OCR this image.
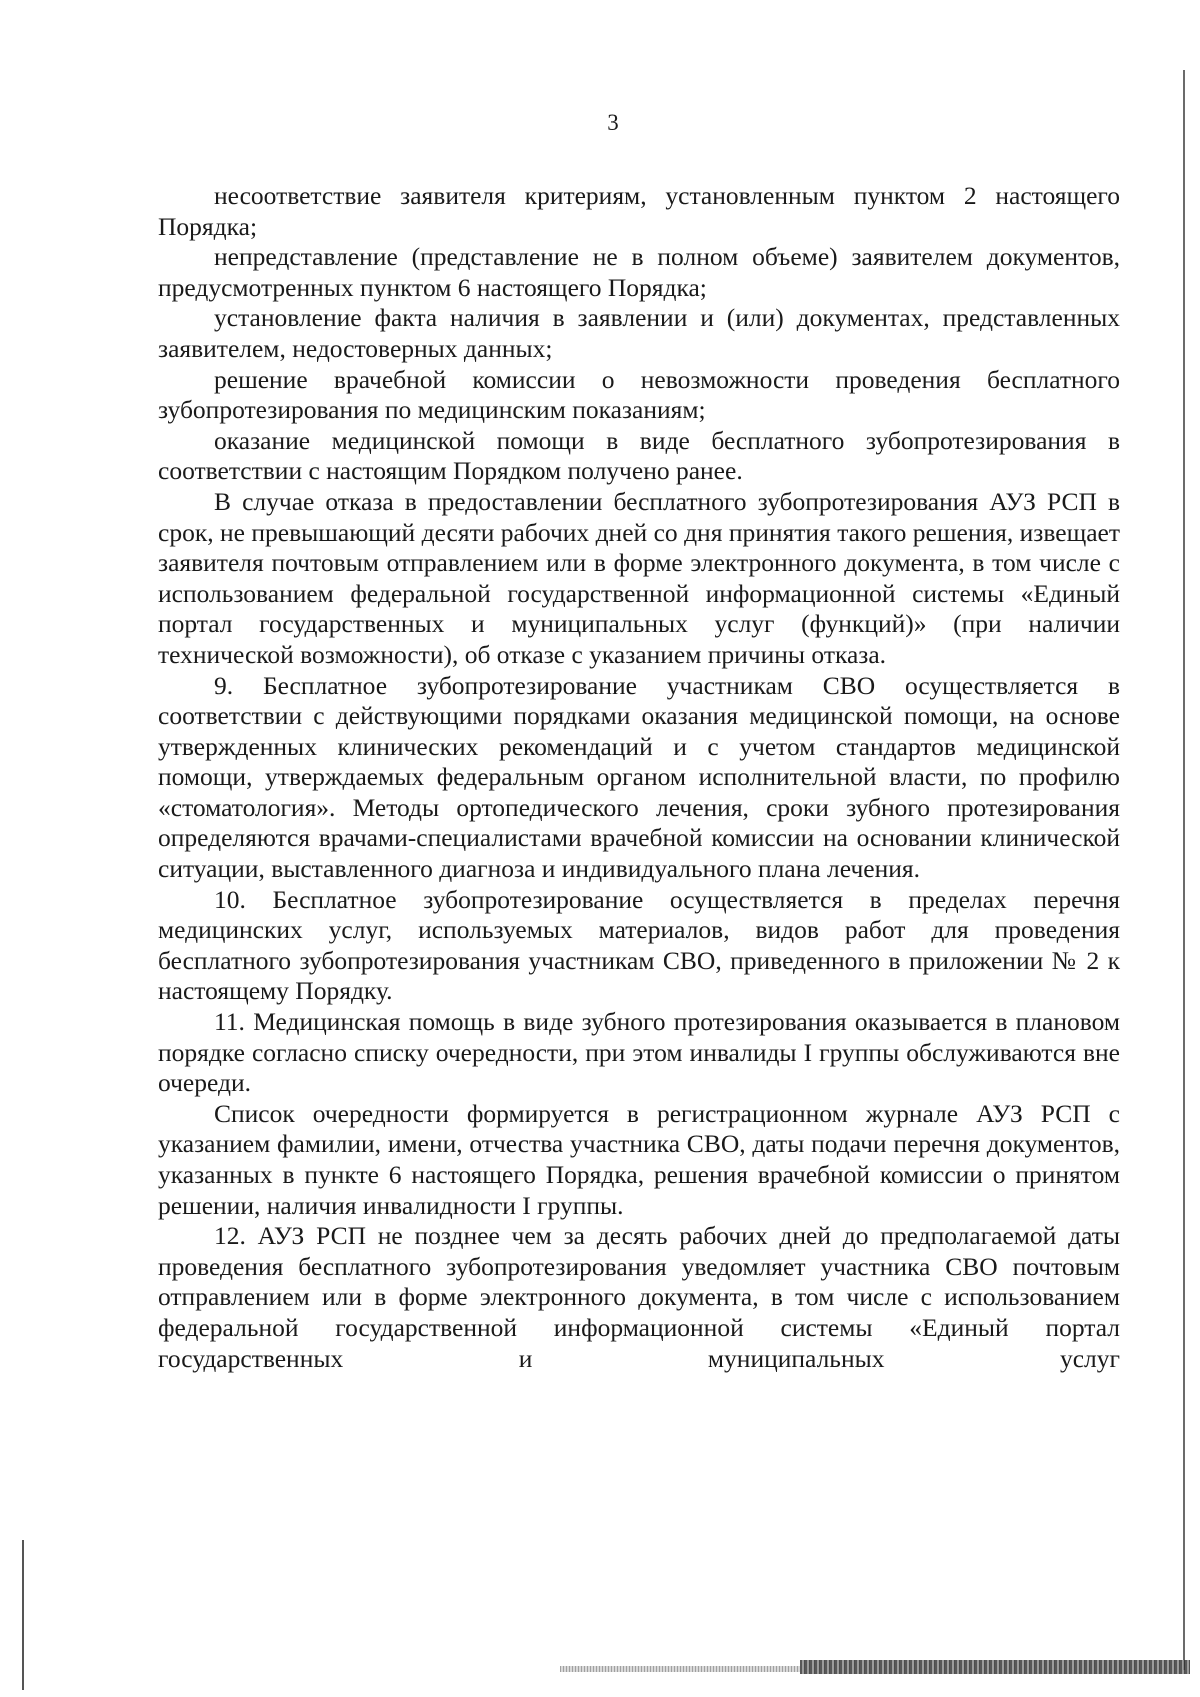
3

несоответствие заявителя критериям, установленным пунктом 2 настоящего Порядка;

непредставление (представление не в полном объеме) заявителем документов, предусмотренных пунктом 6 настоящего Порядка;

установление факта наличия в заявлении и (или) документах, представленных заявителем, недостоверных данных;

решение врачебной комиссии о невозможности проведения бесплатного зубопротезирования по медицинским показаниям;

оказание медицинской помощи в виде бесплатного зубопротезирования в соответствии с настоящим Порядком получено ранее.

В случае отказа в предоставлении бесплатного зубопротезирования АУЗ РСП в срок, не превышающий десяти рабочих дней со дня принятия такого решения, извещает заявителя почтовым отправлением или в форме электронного документа, в том числе с использованием федеральной государственной информационной системы «Единый портал государственных и муниципальных услуг (функций)» (при наличии технической возможности), об отказе с указанием причины отказа.

9. Бесплатное зубопротезирование участникам СВО осуществляется в соответствии с действующими порядками оказания медицинской помощи, на основе утвержденных клинических рекомендаций и с учетом стандартов медицинской помощи, утверждаемых федеральным органом исполнительной власти, по профилю «стоматология». Методы ортопедического лечения, сроки зубного протезирования определяются врачами-специалистами врачебной комиссии на основании клинической ситуации, выставленного диагноза и индивидуального плана лечения.

10. Бесплатное зубопротезирование осуществляется в пределах перечня медицинских услуг, используемых материалов, видов работ для проведения бесплатного зубопротезирования участникам СВО, приведенного в приложении № 2 к настоящему Порядку.

11. Медицинская помощь в виде зубного протезирования оказывается в плановом порядке согласно списку очередности, при этом инвалиды I группы обслуживаются вне очереди.

Список очередности формируется в регистрационном журнале АУЗ РСП с указанием фамилии, имени, отчества участника СВО, даты подачи перечня документов, указанных в пункте 6 настоящего Порядка, решения врачебной комиссии о принятом решении, наличия инвалидности I группы.

12. АУЗ РСП не позднее чем за десять рабочих дней до предполагаемой даты проведения бесплатного зубопротезирования уведомляет участника СВО почтовым отправлением или в форме электронного документа, в том числе с использованием федеральной государственной информационной системы «Единый портал государственных и муниципальных услуг
